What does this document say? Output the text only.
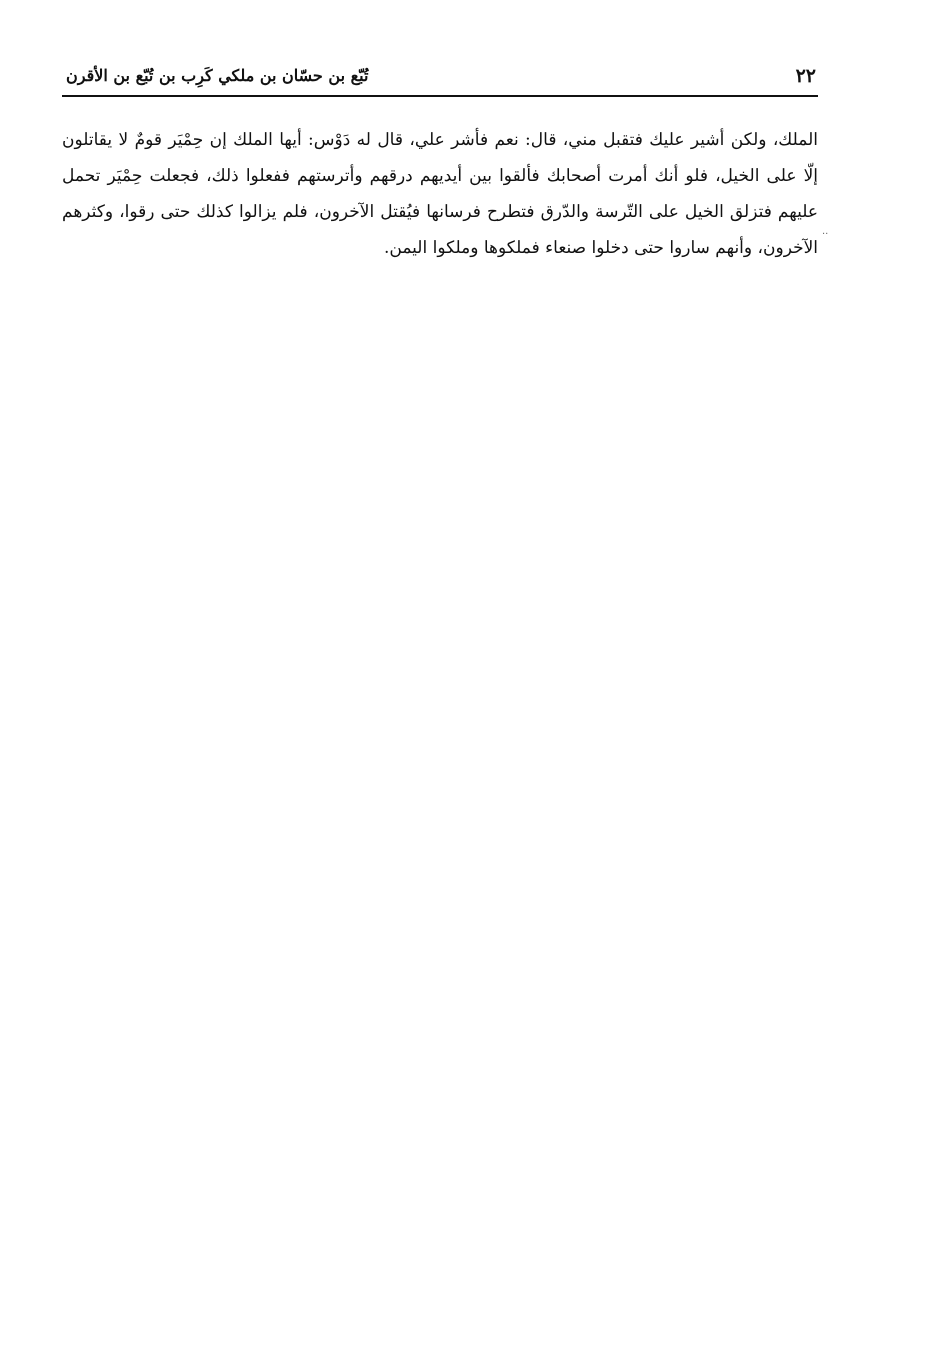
٢٢
تُبّع بن حسّان بن ملكي كَرِب بن تُبّع بن الأقرن

الملك، ولكن أشير عليك فتقبل مني، قال: نعم فأشر علي، قال له دَوْس: أيها الملك إن حِمْيَر قومٌ لا يقاتلون إلّا على الخيل، فلو أنك أمرت أصحابك فألقوا بين أيديهم درقهم وأترستهم ففعلوا ذلك، فجعلت حِمْيَر تحمل عليهم فتزلق الخيل على التّرسة والدّرق فتطرح فرسانها فيُقتل الآخرون، فلم يزالوا كذلك حتى رقوا، وكثرهم الآخرون، وأنهم ساروا حتى دخلوا صنعاء فملكوها وملكوا اليمن.

..
